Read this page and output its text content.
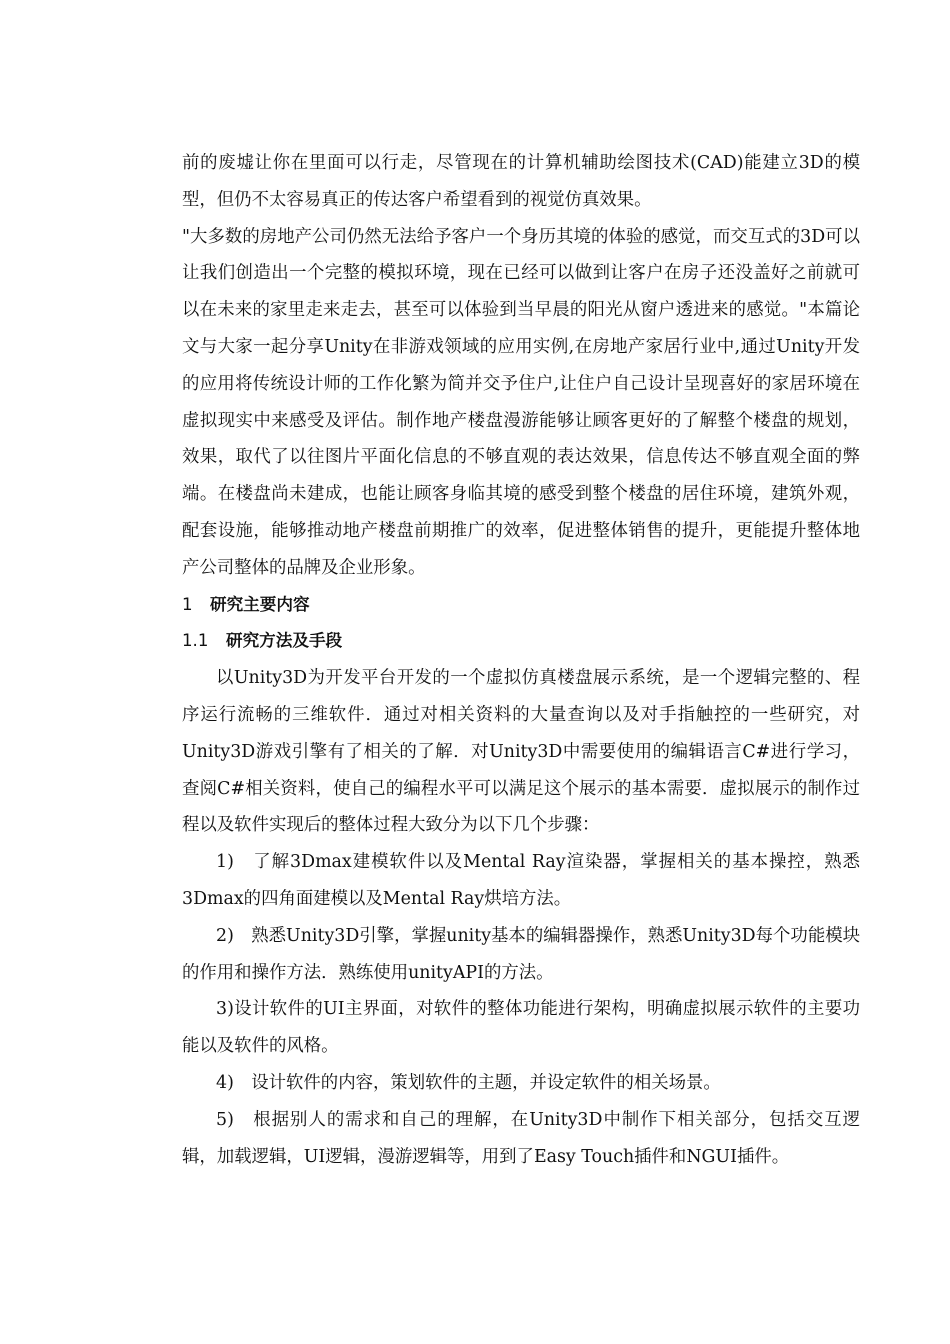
前的废墟让你在里面可以行走，尽管现在的计算机辅助绘图技术(CAD)能建立3D的模型，但仍不太容易真正的传达客户希望看到的视觉仿真效果。

"大多数的房地产公司仍然无法给予客户一个身历其境的体验的感觉，而交互式的3D可以让我们创造出一个完整的模拟环境，现在已经可以做到让客户在房子还没盖好之前就可以在未来的家里走来走去，甚至可以体验到当早晨的阳光从窗户透进来的感觉。"本篇论文与大家一起分享Unity在非游戏领域的应用实例,在房地产家居行业中,通过Unity开发的应用将传统设计师的工作化繁为简并交予住户,让住户自己设计呈现喜好的家居环境在虚拟现实中来感受及评估。制作地产楼盘漫游能够让顾客更好的了解整个楼盘的规划，效果，取代了以往图片平面化信息的不够直观的表达效果，信息传达不够直观全面的弊端。在楼盘尚未建成，也能让顾客身临其境的感受到整个楼盘的居住环境，建筑外观，配套设施，能够推动地产楼盘前期推广的效率，促进整体销售的提升，更能提升整体地产公司整体的品牌及企业形象。

1 研究主要内容

1.1 研究方法及手段

以Unity3D为开发平台开发的一个虚拟仿真楼盘展示系统，是一个逻辑完整的、程序运行流畅的三维软件．通过对相关资料的大量查询以及对手指触控的一些研究，对Unity3D游戏引擎有了相关的了解．对Unity3D中需要使用的编辑语言C#进行学习，查阅C#相关资料，使自己的编程水平可以满足这个展示的基本需要．虚拟展示的制作过程以及软件实现后的整体过程大致分为以下几个步骤：

1)　了解3Dmax建模软件以及Mental Ray渲染器，掌握相关的基本操控，熟悉3Dmax的四角面建模以及Mental Ray烘培方法。

2)　熟悉Unity3D引擎，掌握unity基本的编辑器操作，熟悉Unity3D每个功能模块的作用和操作方法．熟练使用unityAPI的方法。

3)设计软件的UI主界面，对软件的整体功能进行架构，明确虚拟展示软件的主要功能以及软件的风格。

4)　设计软件的内容，策划软件的主题，并设定软件的相关场景。

5)　根据别人的需求和自己的理解，在Unity3D中制作下相关部分，包括交互逻辑，加载逻辑，UI逻辑，漫游逻辑等，用到了Easy Touch插件和NGUI插件。
